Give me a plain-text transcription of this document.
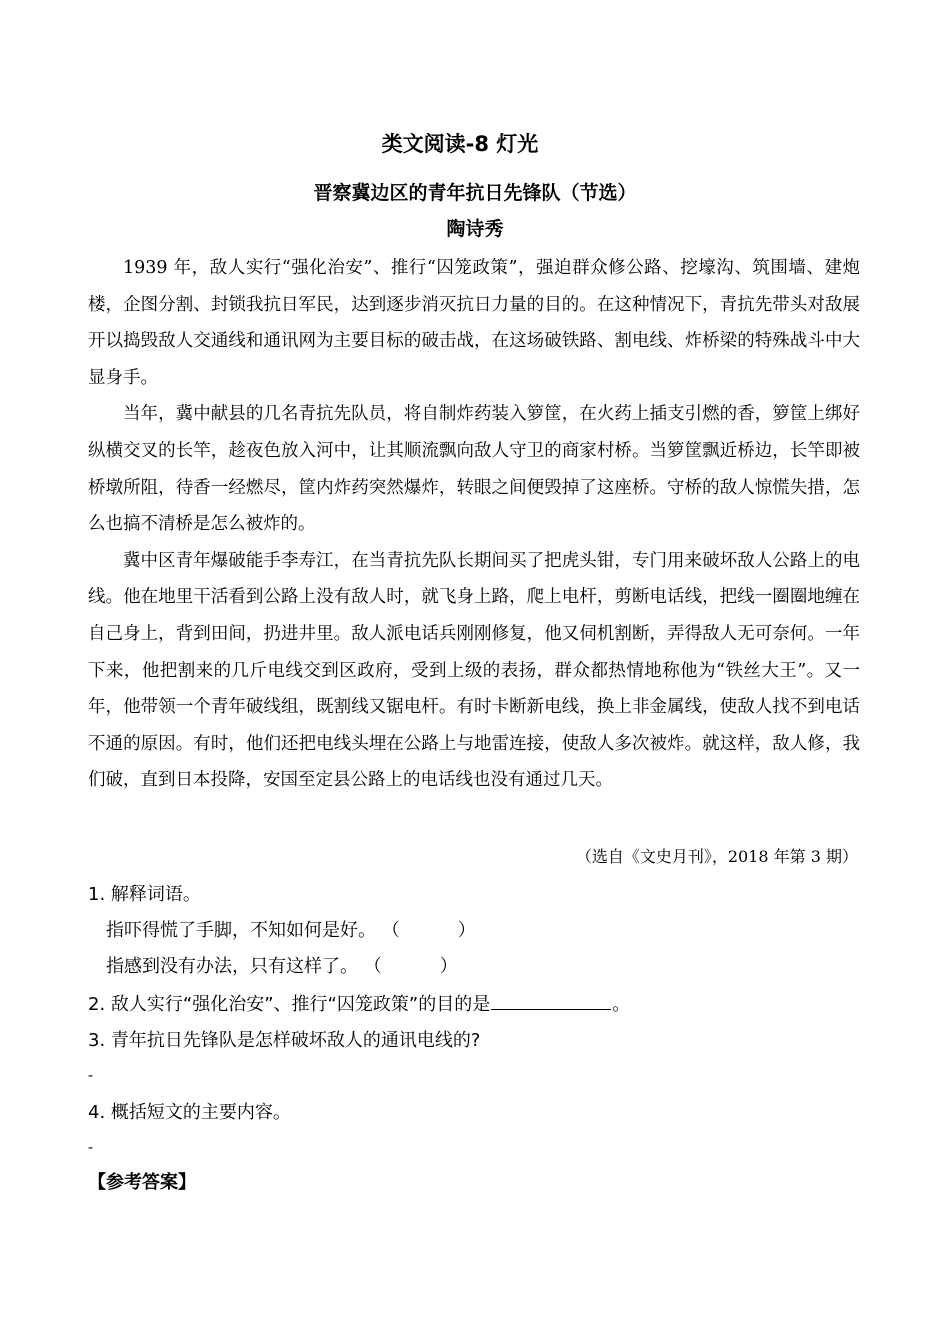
类文阅读-8 灯光
晋察冀边区的青年抗日先锋队（节选）
陶诗秀

1939 年，敌人实行“强化治安”、推行“囚笼政策”，强迫群众修公路、挖壕沟、筑围墙、建炮楼，企图分割、封锁我抗日军民，达到逐步消灭抗日力量的目的。在这种情况下，青抗先带头对敌展开以捣毁敌人交通线和通讯网为主要目标的破击战，在这场破铁路、割电线、炸桥梁的特殊战斗中大显身手。

当年，冀中献县的几名青抗先队员，将自制炸药装入箩筐，在火药上插支引燃的香，箩筐上绑好纵横交叉的长竿，趁夜色放入河中，让其顺流飘向敌人守卫的商家村桥。当箩筐飘近桥边，长竿即被桥墩所阻，待香一经燃尽，筐内炸药突然爆炸，转眼之间便毁掉了这座桥。守桥的敌人惊慌失措，怎么也搞不清桥是怎么被炸的。

冀中区青年爆破能手李寿江，在当青抗先队长期间买了把虎头钳，专门用来破坏敌人公路上的电线。他在地里干活看到公路上没有敌人时，就飞身上路，爬上电杆，剪断电话线，把线一圈圈地缠在自己身上，背到田间，扔进井里。敌人派电话兵刚刚修复，他又伺机割断，弄得敌人无可奈何。一年下来，他把割来的几斤电线交到区政府，受到上级的表扬，群众都热情地称他为“铁丝大王”。又一年，他带领一个青年破线组，既割线又锯电杆。有时卡断新电线，换上非金属线，使敌人找不到电话不通的原因。有时，他们还把电线头埋在公路上与地雷连接，使敌人多次被炸。就这样，敌人修，我们破，直到日本投降，安国至定县公路上的电话线也没有通过几天。

（选自《文史月刊》，2018 年第 3 期）
1. 解释词语。
指吓得慌了手脚，不知如何是好。 （	）
指感到没有办法，只有这样了。 （	）
2. 敌人实行“强化治安”、推行“囚笼政策”的目的是	。
3. 青年抗日先锋队是怎样破坏敌人的通讯电线的?
-
4. 概括短文的主要内容。
-
【参考答案】
